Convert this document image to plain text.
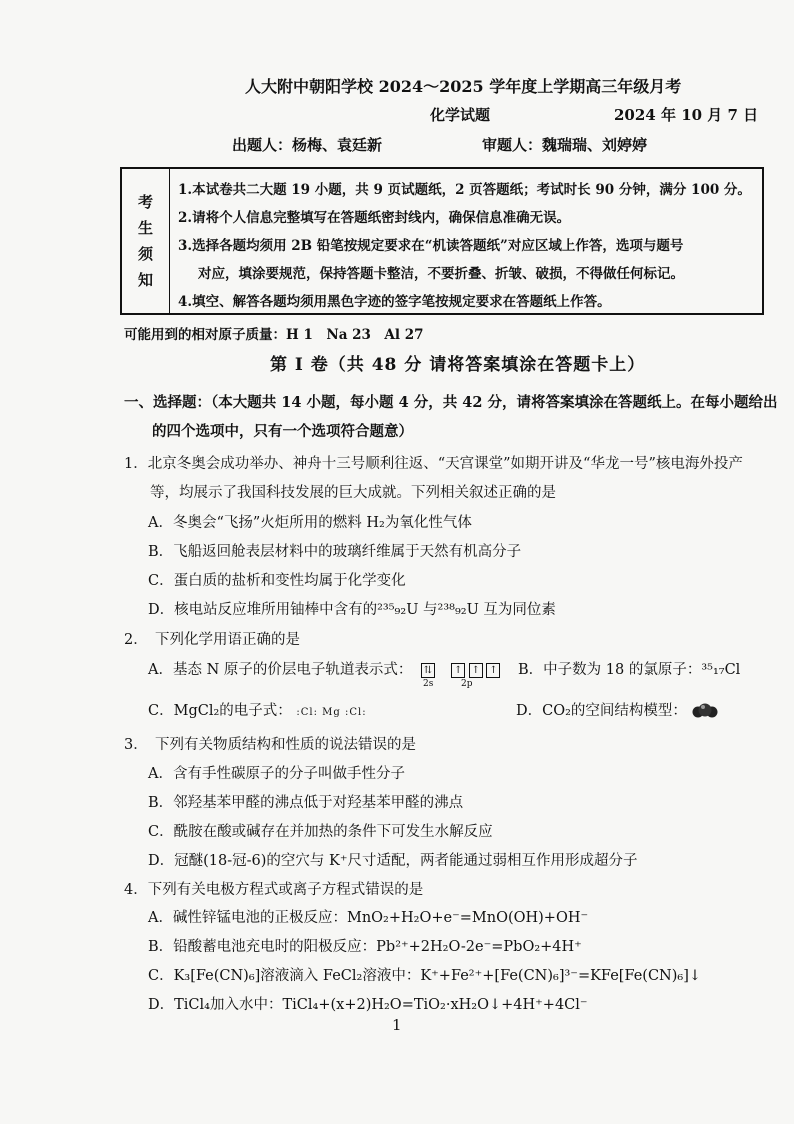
人大附中朝阳学校 2024～2025 学年度上学期高三年级月考
化学试题	2024 年 10 月 7 日
出题人：杨梅、袁廷新	审题人：魏瑞瑞、刘婷婷
考
生
须
知
1.本试卷共二大题 19 小题，共 9 页试题纸，2 页答题纸；考试时长 90 分钟，满分 100 分。
2.请将个人信息完整填写在答题纸密封线内，确保信息准确无误。
3.选择各题均须用 2B 铅笔按规定要求在“机读答题纸”对应区域上作答，选项与题号
对应，填涂要规范，保持答题卡整洁，不要折叠、折皱、破损，不得做任何标记。
4.填空、解答各题均须用黑色字迹的签字笔按规定要求在答题纸上作答。
可能用到的相对原子质量：H 1　Na 23　Al 27
第 I 卷（共 48 分 请将答案填涂在答题卡上）
一、选择题：（本大题共 14 小题，每小题 4 分，共 42 分，请将答案填涂在答题纸上。在每小题给出
的四个选项中，只有一个选项符合题意）
1．北京冬奥会成功举办、神舟十三号顺利往返、“天宫课堂”如期开讲及“华龙一号”核电海外投产
等，均展示了我国科技发展的巨大成就。下列相关叙述正确的是
A．冬奥会“飞扬”火炬所用的燃料 H₂为氧化性气体
B．飞船返回舱表层材料中的玻璃纤维属于天然有机高分子
C．蛋白质的盐析和变性均属于化学变化
D．核电站反应堆所用铀棒中含有的²³⁵₉₂U 与²³⁸₉₂U 互为同位素
2．　下列化学用语正确的是
A．基态 N 原子的价层电子轨道表示式： ⇅ ↑ ↑ ↑
2s	2p
B．中子数为 18 的氯原子：³⁵₁₇Cl
C．MgCl₂的电子式： :Cl: Mg :Cl:	D．CO₂的空间结构模型：
3．　下列有关物质结构和性质的说法错误的是
A．含有手性碳原子的分子叫做手性分子
B．邻羟基苯甲醛的沸点低于对羟基苯甲醛的沸点
C．酰胺在酸或碱存在并加热的条件下可发生水解反应
D．冠醚(18-冠-6)的空穴与 K⁺尺寸适配，两者能通过弱相互作用形成超分子
4．下列有关电极方程式或离子方程式错误的是
A．碱性锌锰电池的正极反应：MnO₂+H₂O+e⁻=MnO(OH)+OH⁻
B．铅酸蓄电池充电时的阳极反应：Pb²⁺+2H₂O-2e⁻=PbO₂+4H⁺
C．K₃[Fe(CN)₆]溶液滴入 FeCl₂溶液中：K⁺+Fe²⁺+[Fe(CN)₆]³⁻=KFe[Fe(CN)₆]↓
D．TiCl₄加入水中：TiCl₄+(x+2)H₂O=TiO₂·xH₂O↓+4H⁺+4Cl⁻
1
